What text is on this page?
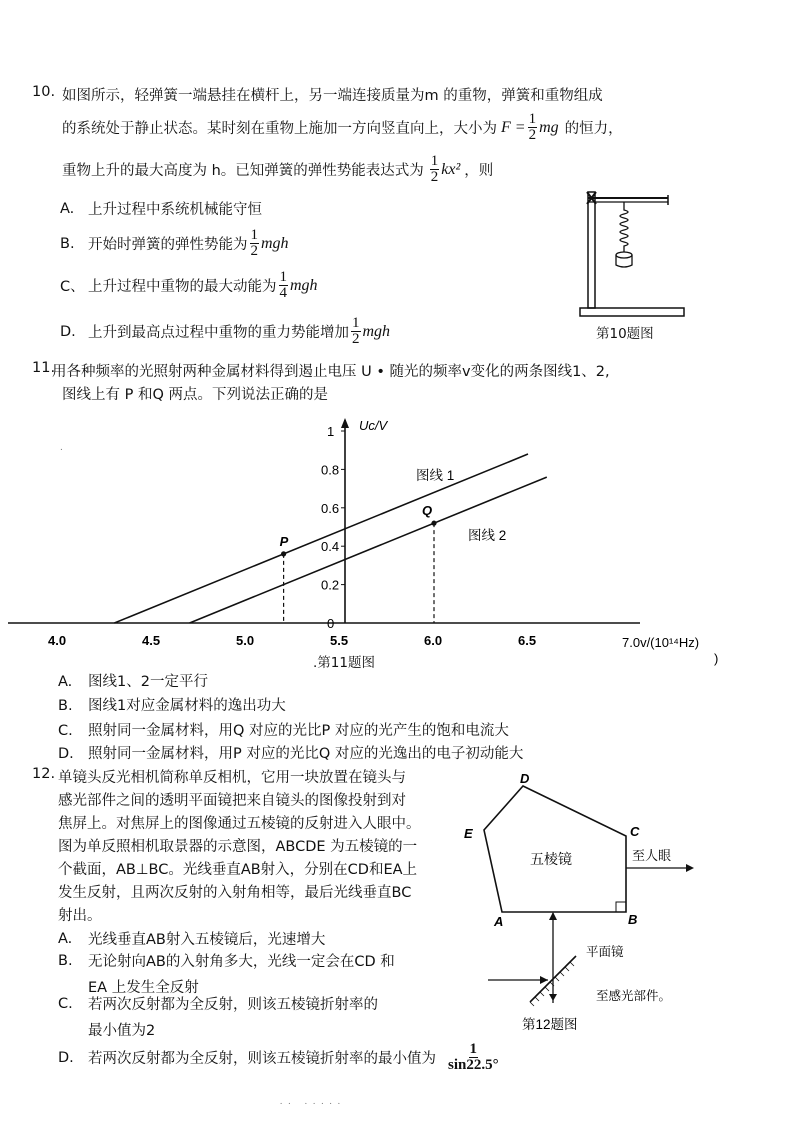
10. 如图所示，轻弹簧一端悬挂在横杆上，另一端连接质量为m 的重物，弹簧和重物组成
的系统处于静止状态。某时刻在重物上施加一方向竖直向上，大小为 $F = \frac{1}{2}$ mg 的恒力，
重物上升的最大高度为 h。已知弹簧的弹性势能表达式为 $\frac{1}{2} kx^2$ ，则
A. 上升过程中系统机械能守恒
B. 开始时弹簧的弹性势能为 $\frac{1}{2}$ mgh
C、 上升过程中重物的最大动能为 $\frac{1}{4}$ mgh
D. 上升到最高点过程中重物的重力势能增加 $\frac{1}{2}$ mgh	第10题图
11.
用各种频率的光照射两种金属材料得到遏止电压 U • 随光的频率v变化的两条图线1、2,
图线上有 P 和Q 两点。下列说法正确的是
4.0	4.5	5.0	5.5	6.0	6.5
0
0.2
0.4
0.6
0.8
1 Uc/V
7.0v/(10¹⁴Hz)
)
图线 1
图线 2
P
Q
.
.第11题图
A. 图线1、2一定平行
B. 图线1对应金属材料的逸出功大
C. 照射同一金属材料，用Q 对应的光比P 对应的光产生的饱和电流大
D. 照射同一金属材料，用P 对应的光比Q 对应的光逸出的电子初动能大
12. 单镜头反光相机简称单反相机，它用一块放置在镜头与
感光部件之间的透明平面镜把来自镜头的图像投射到对
焦屏上。对焦屏上的图像通过五棱镜的反射进入人眼中。
图为单反照相机取景器的示意图，ABCDE 为五棱镜的一
个截面，AB⊥BC。光线垂直AB射入，分别在CD和EA上
发生反射，且两次反射的入射角相等，最后光线垂直BC
射出。
A.	光线垂直AB射入五棱镜后，光速增大
B.	无论射向AB的入射角多大，光线一定会在CD 和
EA 上发生全反射
C.	若两次反射都为全反射，则该五棱镜折射率的
最小值为2
D. 若两次反射都为全反射，则该五棱镜折射率的最小值为 $\frac{1}{\sin 22.5^\circ}$
D
E	C
A	B
五棱镜	至人眼
平面镜
至感光部件。
第12题图
.. .....
